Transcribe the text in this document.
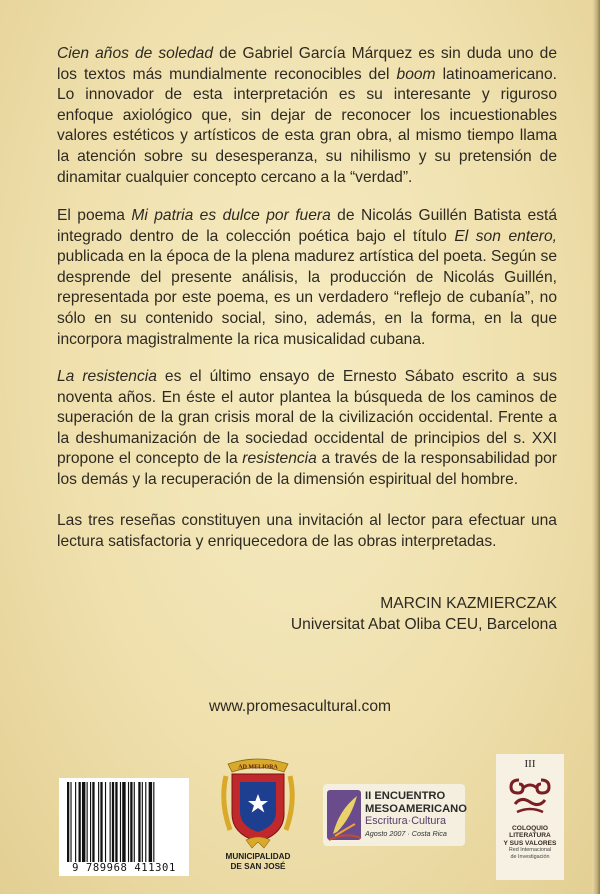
Cien años de soledad de Gabriel García Márquez es sin duda uno de los textos más mundialmente reconocibles del boom latinoamericano. Lo innovador de esta interpretación es su interesante y riguroso enfoque axiológico que, sin dejar de reconocer los incuestionables valores estéticos y artísticos de esta gran obra, al mismo tiempo llama la atención sobre su desesperanza, su nihilismo y su pretensión de dinamitar cualquier concepto cercano a la “verdad”.

El poema Mi patria es dulce por fuera de Nicolás Guillén Batista está integrado dentro de la colección poética bajo el título El son entero, publicada en la época de la plena madurez artística del poeta. Según se desprende del presente análisis, la producción de Nicolás Guillén, representada por este poema, es un verdadero “reflejo de cubanía”, no sólo en su contenido social, sino, además, en la forma, en la que incorpora magistralmente la rica musicalidad cubana.

La resistencia es el último ensayo de Ernesto Sábato escrito a sus noventa años. En éste el autor plantea la búsqueda de los caminos de superación de la gran crisis moral de la civilización occidental. Frente a la deshumanización de la sociedad occidental de principios del s. XXI propone el concepto de la resistencia a través de la responsabilidad por los demás y la recuperación de la dimensión espiritual del hombre.

Las tres reseñas constituyen una invitación al lector para efectuar una lectura satisfactoria y enriquecedora de las obras interpretadas.

MARCIN KAZMIERCZAK
Universitat Abat Oliba CEU, Barcelona
www.promesacultural.com
9 789968 411301
AD MELIORA
MUNICIPALIDAD
DE SAN JOSÉ
II ENCUENTRO
MESOAMERICANO
Escritura·Cultura
Agosto 2007 · Costa Rica
III
COLOQUIO
LITERATURA
Y SUS VALORES
Red Internacional
de Investigación
